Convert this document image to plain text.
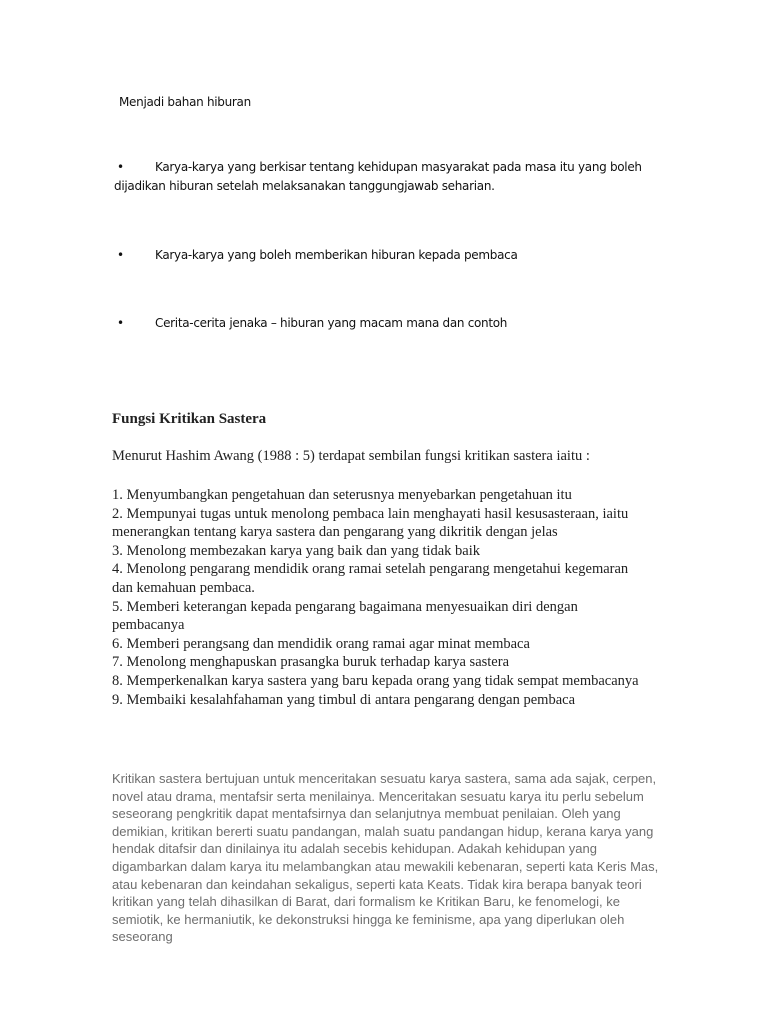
Menjadi bahan hiburan
•	Karya-karya yang berkisar tentang kehidupan masyarakat pada masa itu yang boleh dijadikan hiburan setelah melaksanakan tanggungjawab seharian.
•	Karya-karya yang boleh memberikan hiburan kepada pembaca
•	Cerita-cerita jenaka – hiburan yang macam mana dan contoh
Fungsi Kritikan Sastera
Menurut Hashim Awang (1988 : 5) terdapat sembilan fungsi kritikan sastera iaitu :
1. Menyumbangkan pengetahuan dan seterusnya menyebarkan pengetahuan itu
2. Mempunyai tugas untuk menolong pembaca lain menghayati hasil kesusasteraan, iaitu menerangkan tentang karya sastera dan pengarang yang dikritik dengan jelas
3. Menolong membezakan karya yang baik dan yang tidak baik
4. Menolong pengarang mendidik orang ramai setelah pengarang mengetahui kegemaran dan kemahuan pembaca.
5. Memberi keterangan kepada pengarang bagaimana menyesuaikan diri dengan pembacanya
6. Memberi perangsang dan mendidik orang ramai agar minat membaca
7. Menolong menghapuskan prasangka buruk terhadap karya sastera
8. Memperkenalkan karya sastera yang baru kepada orang yang tidak sempat membacanya
9. Membaiki kesalahfahaman yang timbul di antara pengarang dengan pembaca

Kritikan sastera bertujuan untuk menceritakan sesuatu karya sastera, sama ada sajak, cerpen, novel atau drama, mentafsir serta menilainya. Menceritakan sesuatu karya itu perlu sebelum seseorang pengkritik dapat mentafsirnya dan selanjutnya membuat penilaian. Oleh yang demikian, kritikan bererti suatu pandangan, malah suatu pandangan hidup, kerana karya yang hendak ditafsir dan dinilainya itu adalah secebis kehidupan. Adakah kehidupan yang digambarkan dalam karya itu melambangkan atau mewakili kebenaran, seperti kata Keris Mas, atau kebenaran dan keindahan sekaligus, seperti kata Keats. Tidak kira berapa banyak teori kritikan yang telah dihasilkan di Barat, dari formalism ke Kritikan Baru, ke fenomelogi, ke semiotik, ke hermaniutik, ke dekonstruksi hingga ke feminisme, apa yang diperlukan oleh seseorang
